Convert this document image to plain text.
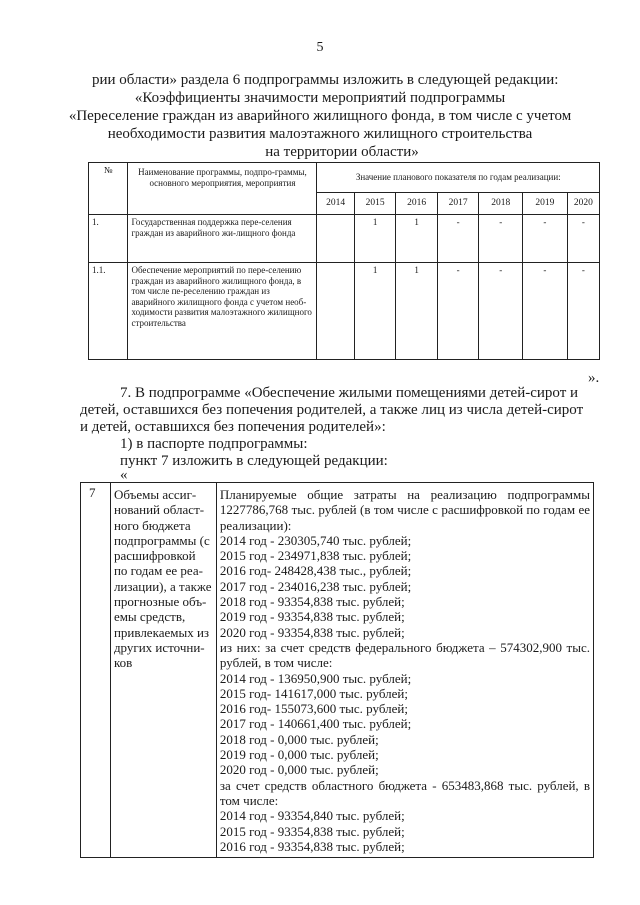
5
рии области» раздела 6 подпрограммы изложить в следующей редакции:
«Коэффициенты значимости мероприятий подпрограммы
«Переселение граждан из аварийного жилищного фонда, в том числе с учетом
необходимости развития малоэтажного жилищного строительства
на территории области»
№	Наименование программы, подпро-граммы, основного мероприятия, мероприятия	Значение планового показателя по годам реализации:						
		2014	2015	2016	2017	2018	2019	2020
1.	Государственная поддержка пере-селения граждан из аварийного жи-лищного фонда		1	1	-	-	-	-
1.1.	Обеспечение мероприятий по пере-селению граждан из аварийного жилищного фонда, в том числе пе-реселению граждан из аварийного жилищного фонда с учетом необ-ходимости развития малоэтажного жилищного строительства		1	1	-	-	-	-
».
7. В подпрограмме «Обеспечение жилыми помещениями детей-сирот и
детей, оставшихся без попечения родителей, а также лиц из числа детей-сирот
и детей, оставшихся без попечения родителей»:
1) в паспорте подпрограммы:
пункт 7 изложить в следующей редакции:
«
7	Объемы ассиг-
нований област-
ного бюджета
подпрограммы (с
расшифровкой
по годам ее реа-
лизации), а также
прогнозные объ-
емы средств,
привлекаемых из
других источни-
ков

Планируемые общие затраты на реализацию подпрограммы 1227786,768 тыс. рублей (в том числе с расшифровкой по годам ее реализации):
2014 год - 230305,740 тыс. рублей;
2015 год - 234971,838 тыс. рублей;
2016 год- 248428,438 тыс., рублей;
2017 год - 234016,238 тыс. рублей;
2018 год - 93354,838 тыс. рублей;
2019 год - 93354,838 тыс. рублей;
2020 год - 93354,838 тыс. рублей;
из них: за счет средств федерального бюджета – 574302,900 тыс. рублей, в том числе:
2014 год - 136950,900 тыс. рублей;
2015 год- 141617,000 тыс. рублей;
2016 год- 155073,600 тыс. рублей;
2017 год - 140661,400 тыс. рублей;
2018 год - 0,000 тыс. рублей;
2019 год - 0,000 тыс. рублей;
2020 год - 0,000 тыс. рублей;
за счет средств областного бюджета - 653483,868 тыс. рублей, в том числе:
2014 год - 93354,840 тыс. рублей;
2015 год - 93354,838 тыс. рублей;
2016 год - 93354,838 тыс. рублей;
